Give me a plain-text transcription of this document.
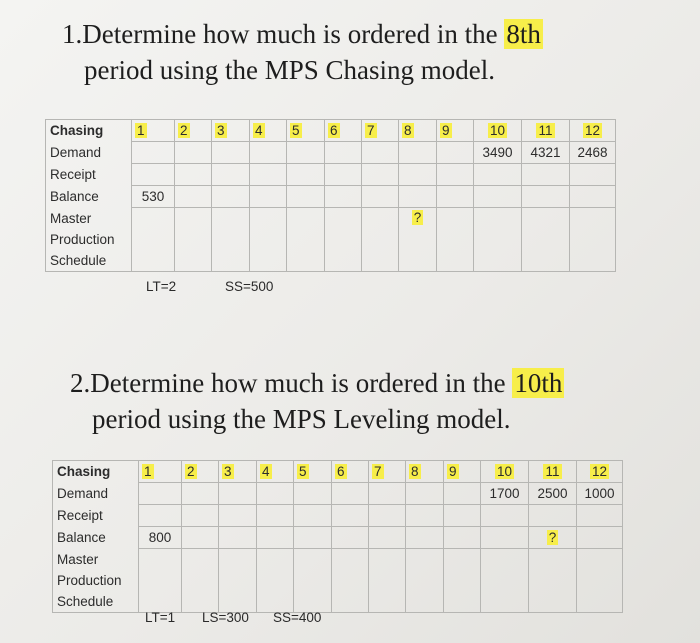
1.Determine how much is ordered in the 8th
period using the MPS Chasing model.
Chasing	1	2	3	4	5	6	7	8	9	10	11	12
Demand										3490	4321	2468
Receipt												
Balance	530											
Master								?				
Production												
Schedule												
LT=2	SS=500
2.Determine how much is ordered in the 10th
period using the MPS Leveling model.
Chasing	1	2	3	4	5	6	7	8	9	10	11	12
Demand										1700	2500	1000
Receipt												
Balance	800										?	
Master												
Production												
Schedule												
LT=1 LS=300 SS=400
